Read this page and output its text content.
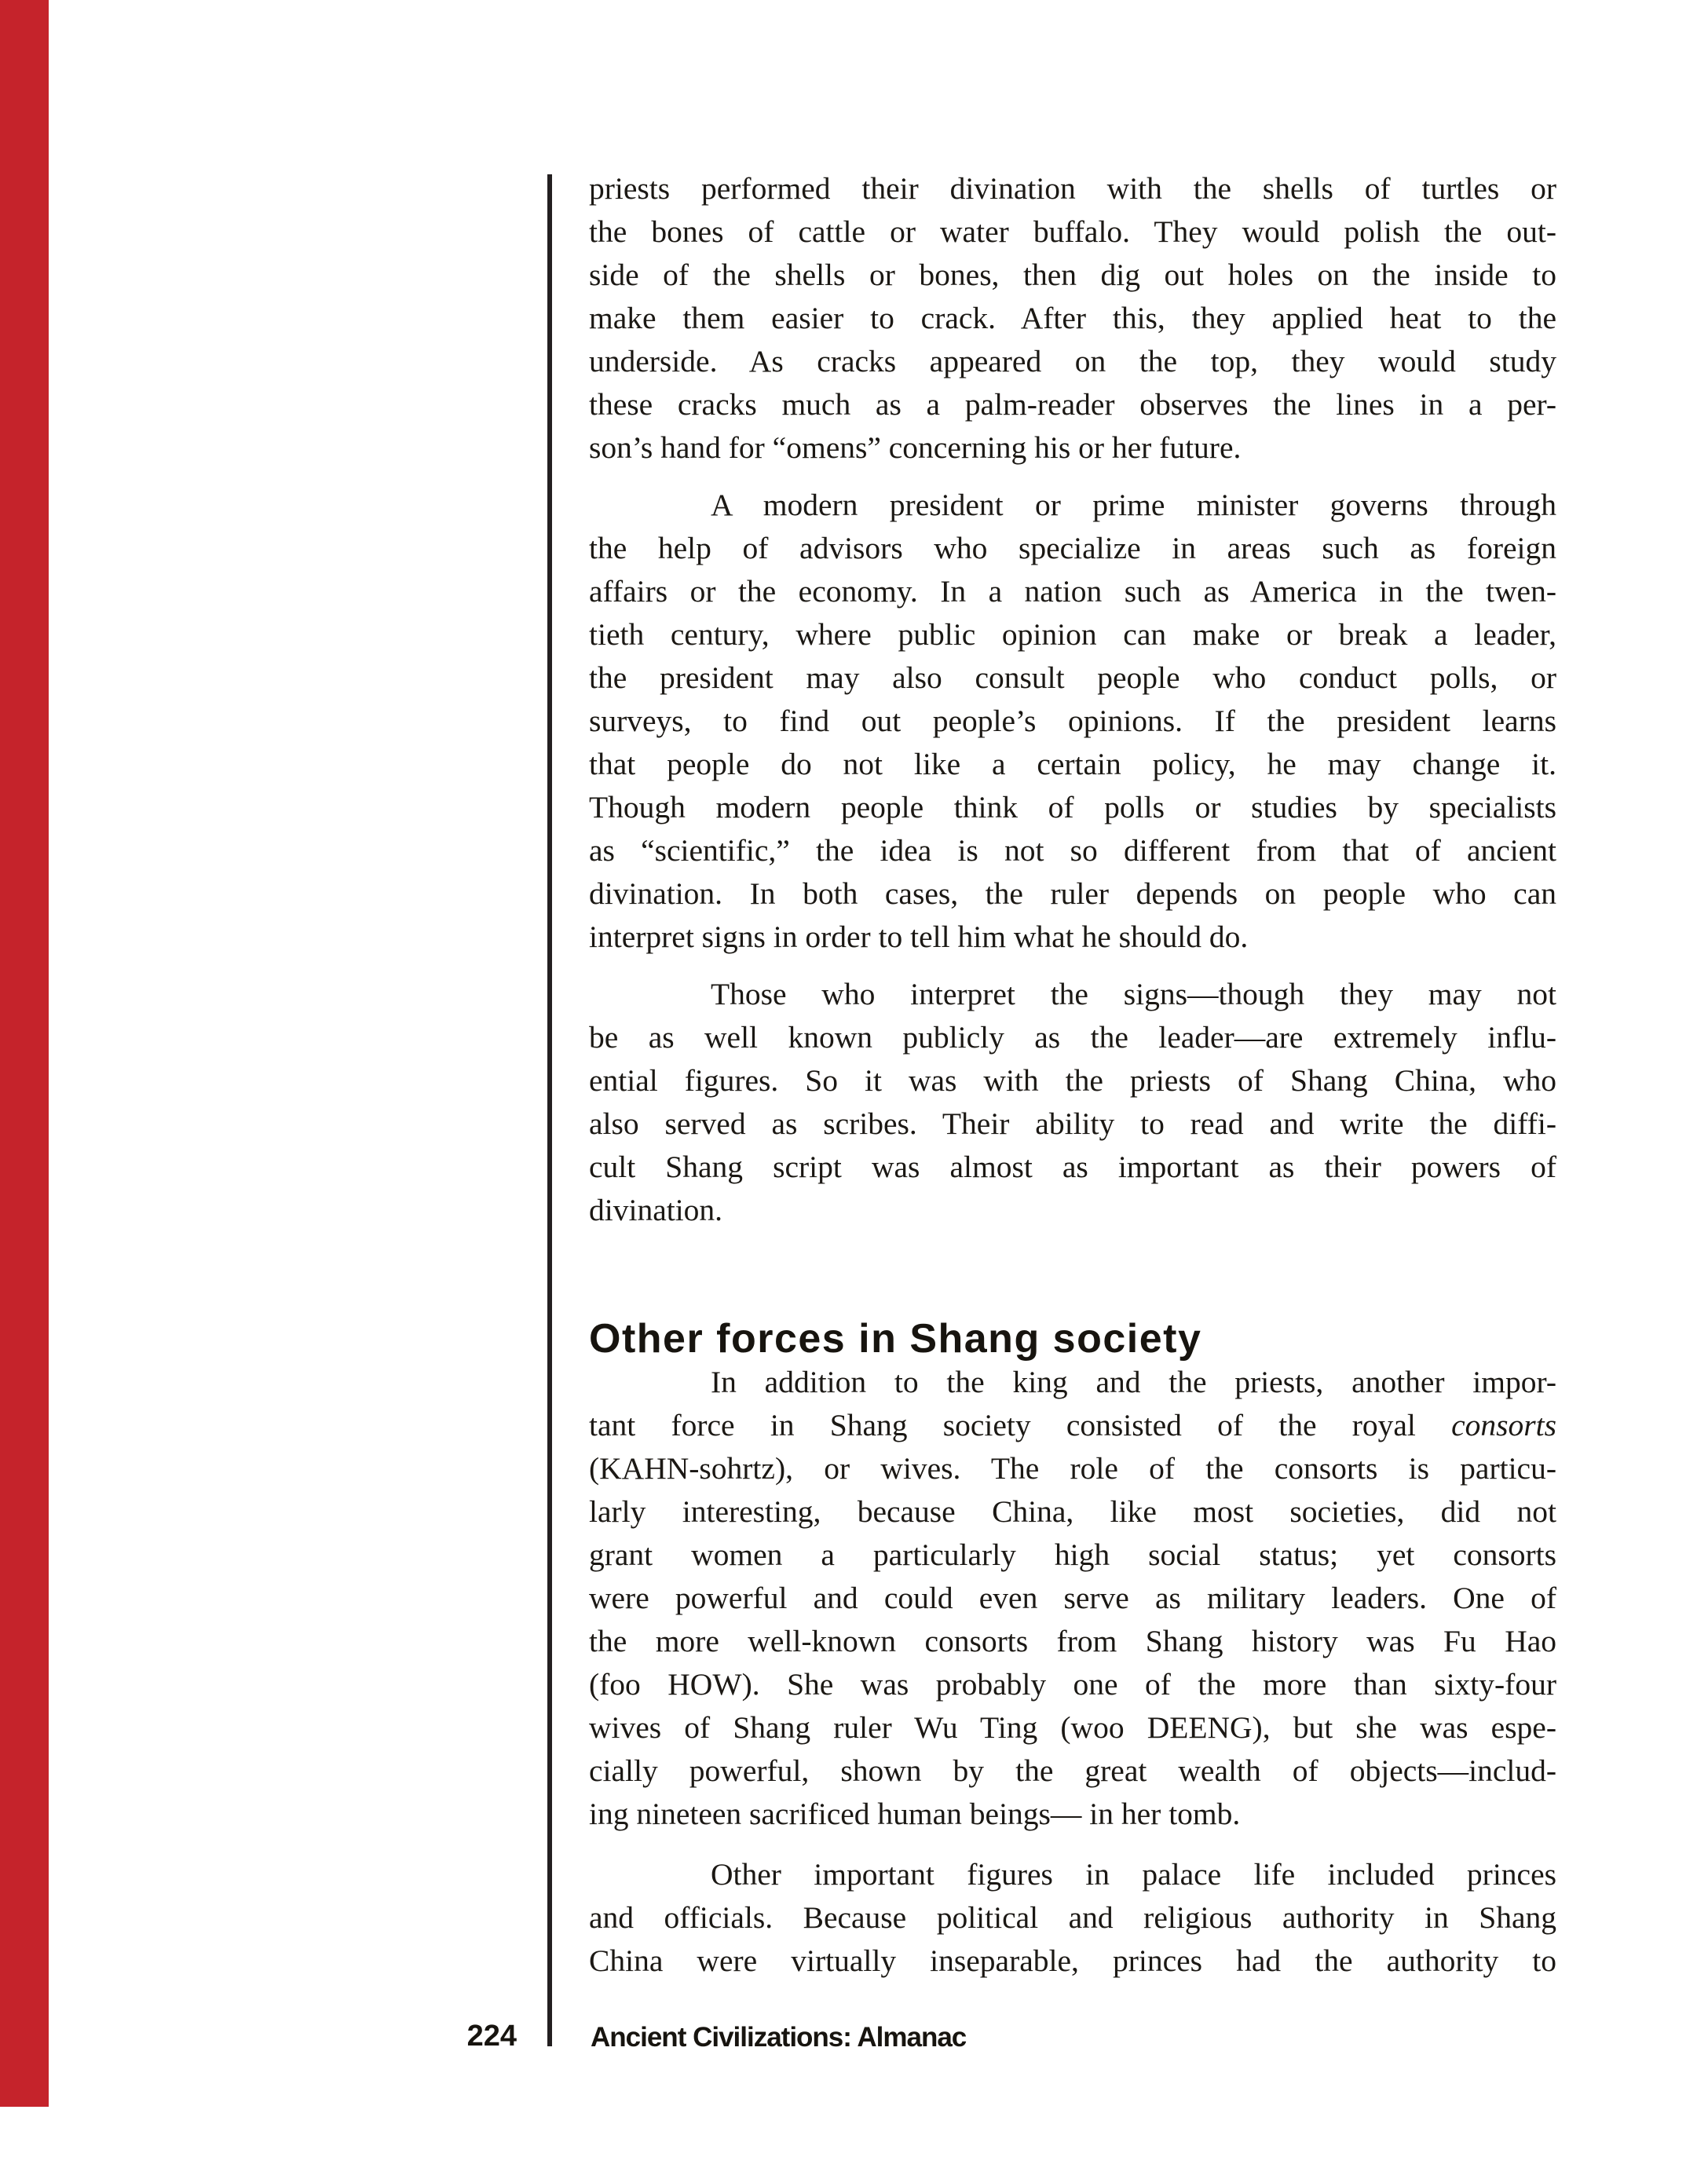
priests performed their divination with the shells of turtles or
the bones of cattle or water buffalo. They would polish the out-
side of the shells or bones, then dig out holes on the inside to
make them easier to crack. After this, they applied heat to the
underside. As cracks appeared on the top, they would study
these cracks much as a palm-reader observes the lines in a per-
son’s hand for “omens” concerning his or her future.
A modern president or prime minister governs through
the help of advisors who specialize in areas such as foreign
affairs or the economy. In a nation such as America in the twen-
tieth century, where public opinion can make or break a leader,
the president may also consult people who conduct polls, or
surveys, to find out people’s opinions. If the president learns
that people do not like a certain policy, he may change it.
Though modern people think of polls or studies by specialists
as “scientific,” the idea is not so different from that of ancient
divination. In both cases, the ruler depends on people who can
interpret signs in order to tell him what he should do.
Those who interpret the signs—though they may not
be as well known publicly as the leader—are extremely influ-
ential figures. So it was with the priests of Shang China, who
also served as scribes. Their ability to read and write the diffi-
cult Shang script was almost as important as their powers of
divination.
Other forces in Shang society
In addition to the king and the priests, another impor-
tant force in Shang society consisted of the royal consorts
(KAHN-sohrtz), or wives. The role of the consorts is particu-
larly interesting, because China, like most societies, did not
grant women a particularly high social status; yet consorts
were powerful and could even serve as military leaders. One of
the more well-known consorts from Shang history was Fu Hao
(foo HOW). She was probably one of the more than sixty-four
wives of Shang ruler Wu Ting (woo DEENG), but she was espe-
cially powerful, shown by the great wealth of objects—includ-
ing nineteen sacrificed human beings— in her tomb.
Other important figures in palace life included princes
and officials. Because political and religious authority in Shang
China were virtually inseparable, princes had the authority to
224	Ancient Civilizations: Almanac
